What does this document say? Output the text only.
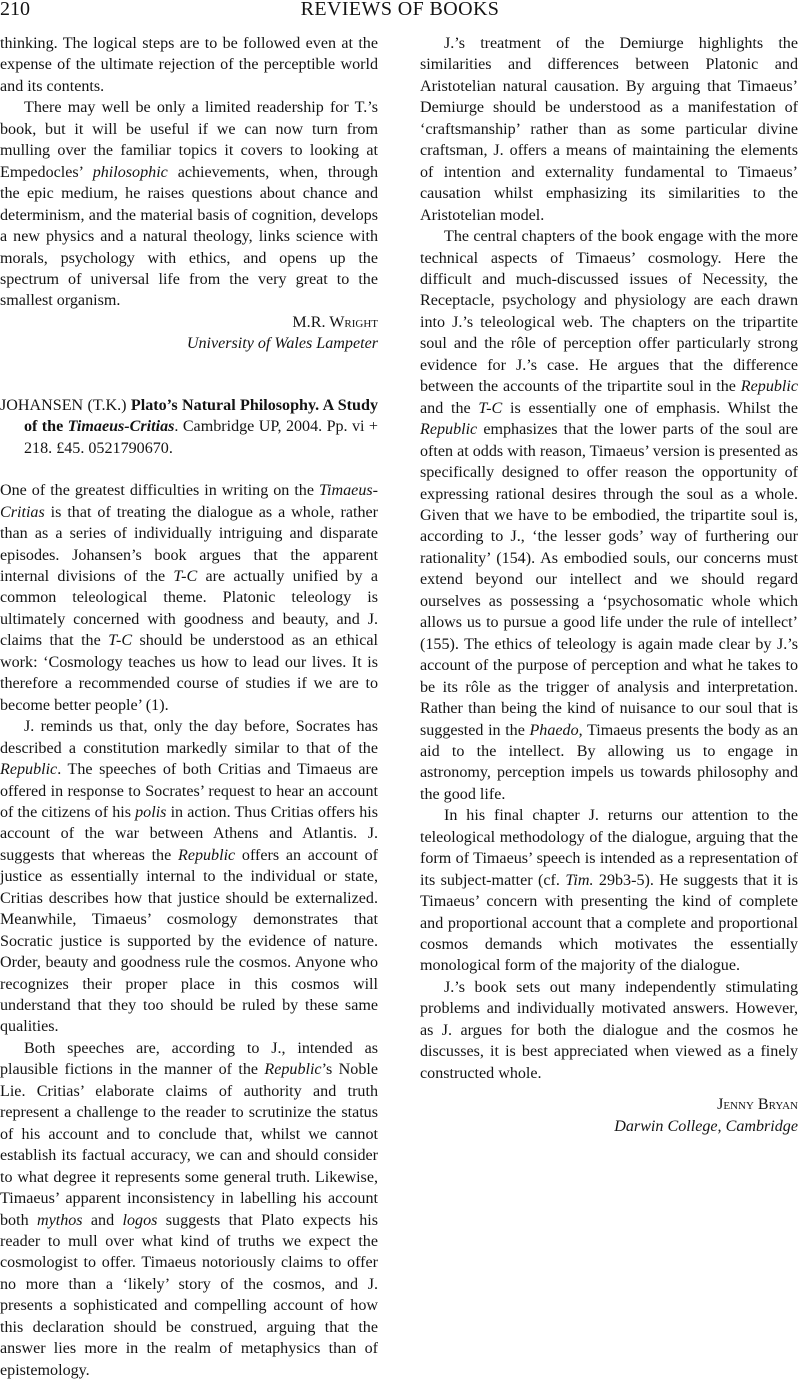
210	REVIEWS OF BOOKS

thinking. The logical steps are to be followed even at the expense of the ultimate rejection of the perceptible world and its contents.

There may well be only a limited readership for T.’s book, but it will be useful if we can now turn from mulling over the familiar topics it covers to looking at Empedocles’ philosophic achievements, when, through the epic medium, he raises questions about chance and determinism, and the material basis of cognition, develops a new physics and a natural theology, links science with morals, psychology with ethics, and opens up the spectrum of universal life from the very great to the smallest organism.

M.R. Wright

University of Wales Lampeter

JOHANSEN (T.K.) Plato’s Natural Philosophy. A Study of the Timaeus-Critias. Cambridge UP, 2004. Pp. vi + 218. £45. 0521790670.

One of the greatest difficulties in writing on the Timaeus-Critias is that of treating the dialogue as a whole, rather than as a series of individually intriguing and disparate episodes. Johansen’s book argues that the apparent internal divisions of the T-C are actually unified by a common teleological theme. Platonic teleology is ultimately concerned with goodness and beauty, and J. claims that the T-C should be understood as an ethical work: ‘Cosmology teaches us how to lead our lives. It is therefore a recommended course of studies if we are to become better people’ (1).

J. reminds us that, only the day before, Socrates has described a constitution markedly similar to that of the Republic. The speeches of both Critias and Timaeus are offered in response to Socrates’ request to hear an account of the citizens of his polis in action. Thus Critias offers his account of the war between Athens and Atlantis. J. suggests that whereas the Republic offers an account of justice as essentially internal to the individual or state, Critias describes how that justice should be externalized. Meanwhile, Timaeus’ cosmology demonstrates that Socratic justice is supported by the evidence of nature. Order, beauty and goodness rule the cosmos. Anyone who recognizes their proper place in this cosmos will understand that they too should be ruled by these same qualities.

Both speeches are, according to J., intended as plausible fictions in the manner of the Republic’s Noble Lie. Critias’ elaborate claims of authority and truth represent a challenge to the reader to scrutinize the status of his account and to conclude that, whilst we cannot establish its factual accuracy, we can and should consider to what degree it represents some general truth. Likewise, Timaeus’ apparent inconsistency in labelling his account both mythos and logos suggests that Plato expects his reader to mull over what kind of truths we expect the cosmologist to offer. Timaeus notoriously claims to offer no more than a ‘likely’ story of the cosmos, and J. presents a sophisticated and compelling account of how this declaration should be construed, arguing that the answer lies more in the realm of metaphysics than of epistemology.

J.’s treatment of the Demiurge highlights the similarities and differences between Platonic and Aristotelian natural causation. By arguing that Timaeus’ Demiurge should be understood as a manifestation of ‘craftsmanship’ rather than as some particular divine craftsman, J. offers a means of maintaining the elements of intention and externality fundamental to Timaeus’ causation whilst emphasizing its similarities to the Aristotelian model.

The central chapters of the book engage with the more technical aspects of Timaeus’ cosmology. Here the difficult and much-discussed issues of Necessity, the Receptacle, psychology and physiology are each drawn into J.’s teleological web. The chapters on the tripartite soul and the rôle of perception offer particularly strong evidence for J.’s case. He argues that the difference between the accounts of the tripartite soul in the Republic and the T-C is essentially one of emphasis. Whilst the Republic emphasizes that the lower parts of the soul are often at odds with reason, Timaeus’ version is presented as specifically designed to offer reason the opportunity of expressing rational desires through the soul as a whole. Given that we have to be embodied, the tripartite soul is, according to J., ‘the lesser gods’ way of furthering our rationality’ (154). As embodied souls, our concerns must extend beyond our intellect and we should regard ourselves as possessing a ‘psychosomatic whole which allows us to pursue a good life under the rule of intellect’ (155). The ethics of teleology is again made clear by J.’s account of the purpose of perception and what he takes to be its rôle as the trigger of analysis and interpretation. Rather than being the kind of nuisance to our soul that is suggested in the Phaedo, Timaeus presents the body as an aid to the intellect. By allowing us to engage in astronomy, perception impels us towards philosophy and the good life.

In his final chapter J. returns our attention to the teleological methodology of the dialogue, arguing that the form of Timaeus’ speech is intended as a representation of its subject-matter (cf. Tim. 29b3-5). He suggests that it is Timaeus’ concern with presenting the kind of complete and proportional account that a complete and proportional cosmos demands which motivates the essentially monological form of the majority of the dialogue.

J.’s book sets out many independently stimulating problems and individually motivated answers. However, as J. argues for both the dialogue and the cosmos he discusses, it is best appreciated when viewed as a finely constructed whole.

Jenny Bryan

Darwin College, Cambridge
